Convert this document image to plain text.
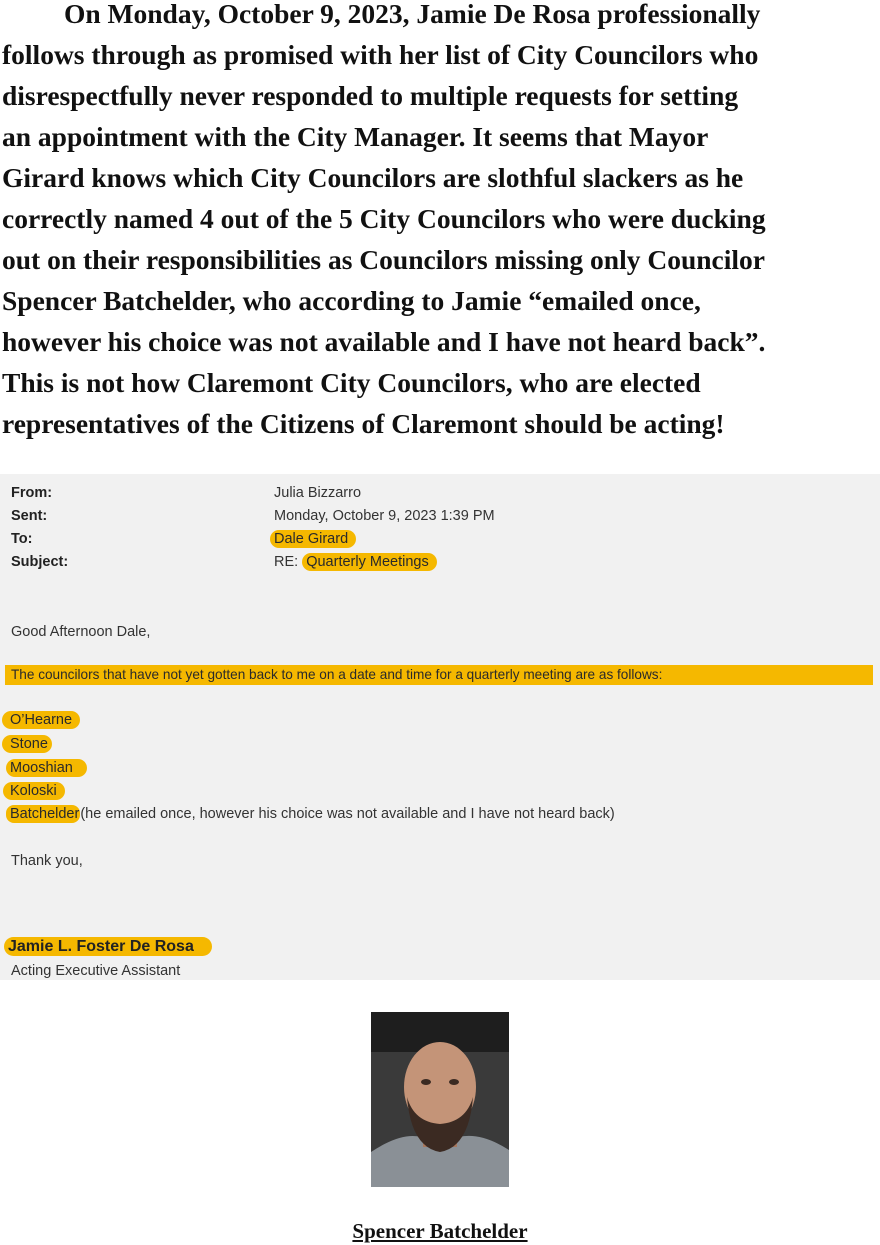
On Monday, October 9, 2023, Jamie De Rosa professionally
follows through as promised with her list of City Councilors who
disrespectfully never responded to multiple requests for setting
an appointment with the City Manager. It seems that Mayor
Girard knows which City Councilors are slothful slackers as he
correctly named 4 out of the 5 City Councilors who were ducking
out on their responsibilities as Councilors missing only Councilor
Spencer Batchelder, who according to Jamie “emailed once,
however his choice was not available and I have not heard back”.
This is not how Claremont City Councilors, who are elected
representatives of the Citizens of Claremont should be acting!
From:	Julia Bizzarro
Sent:	Monday, October 9, 2023 1:39 PM
To:	Dale Girard
Subject:	RE: Quarterly Meetings
Good Afternoon Dale,
The councilors that have not yet gotten back to me on a date and time for a quarterly meeting are as follows:
O’Hearne
Stone
Mooshian
Koloski
Batchelder(he emailed once, however his choice was not available and I have not heard back)
Thank you,
Jamie L. Foster De Rosa
Acting Executive Assistant
Spencer Batchelder
